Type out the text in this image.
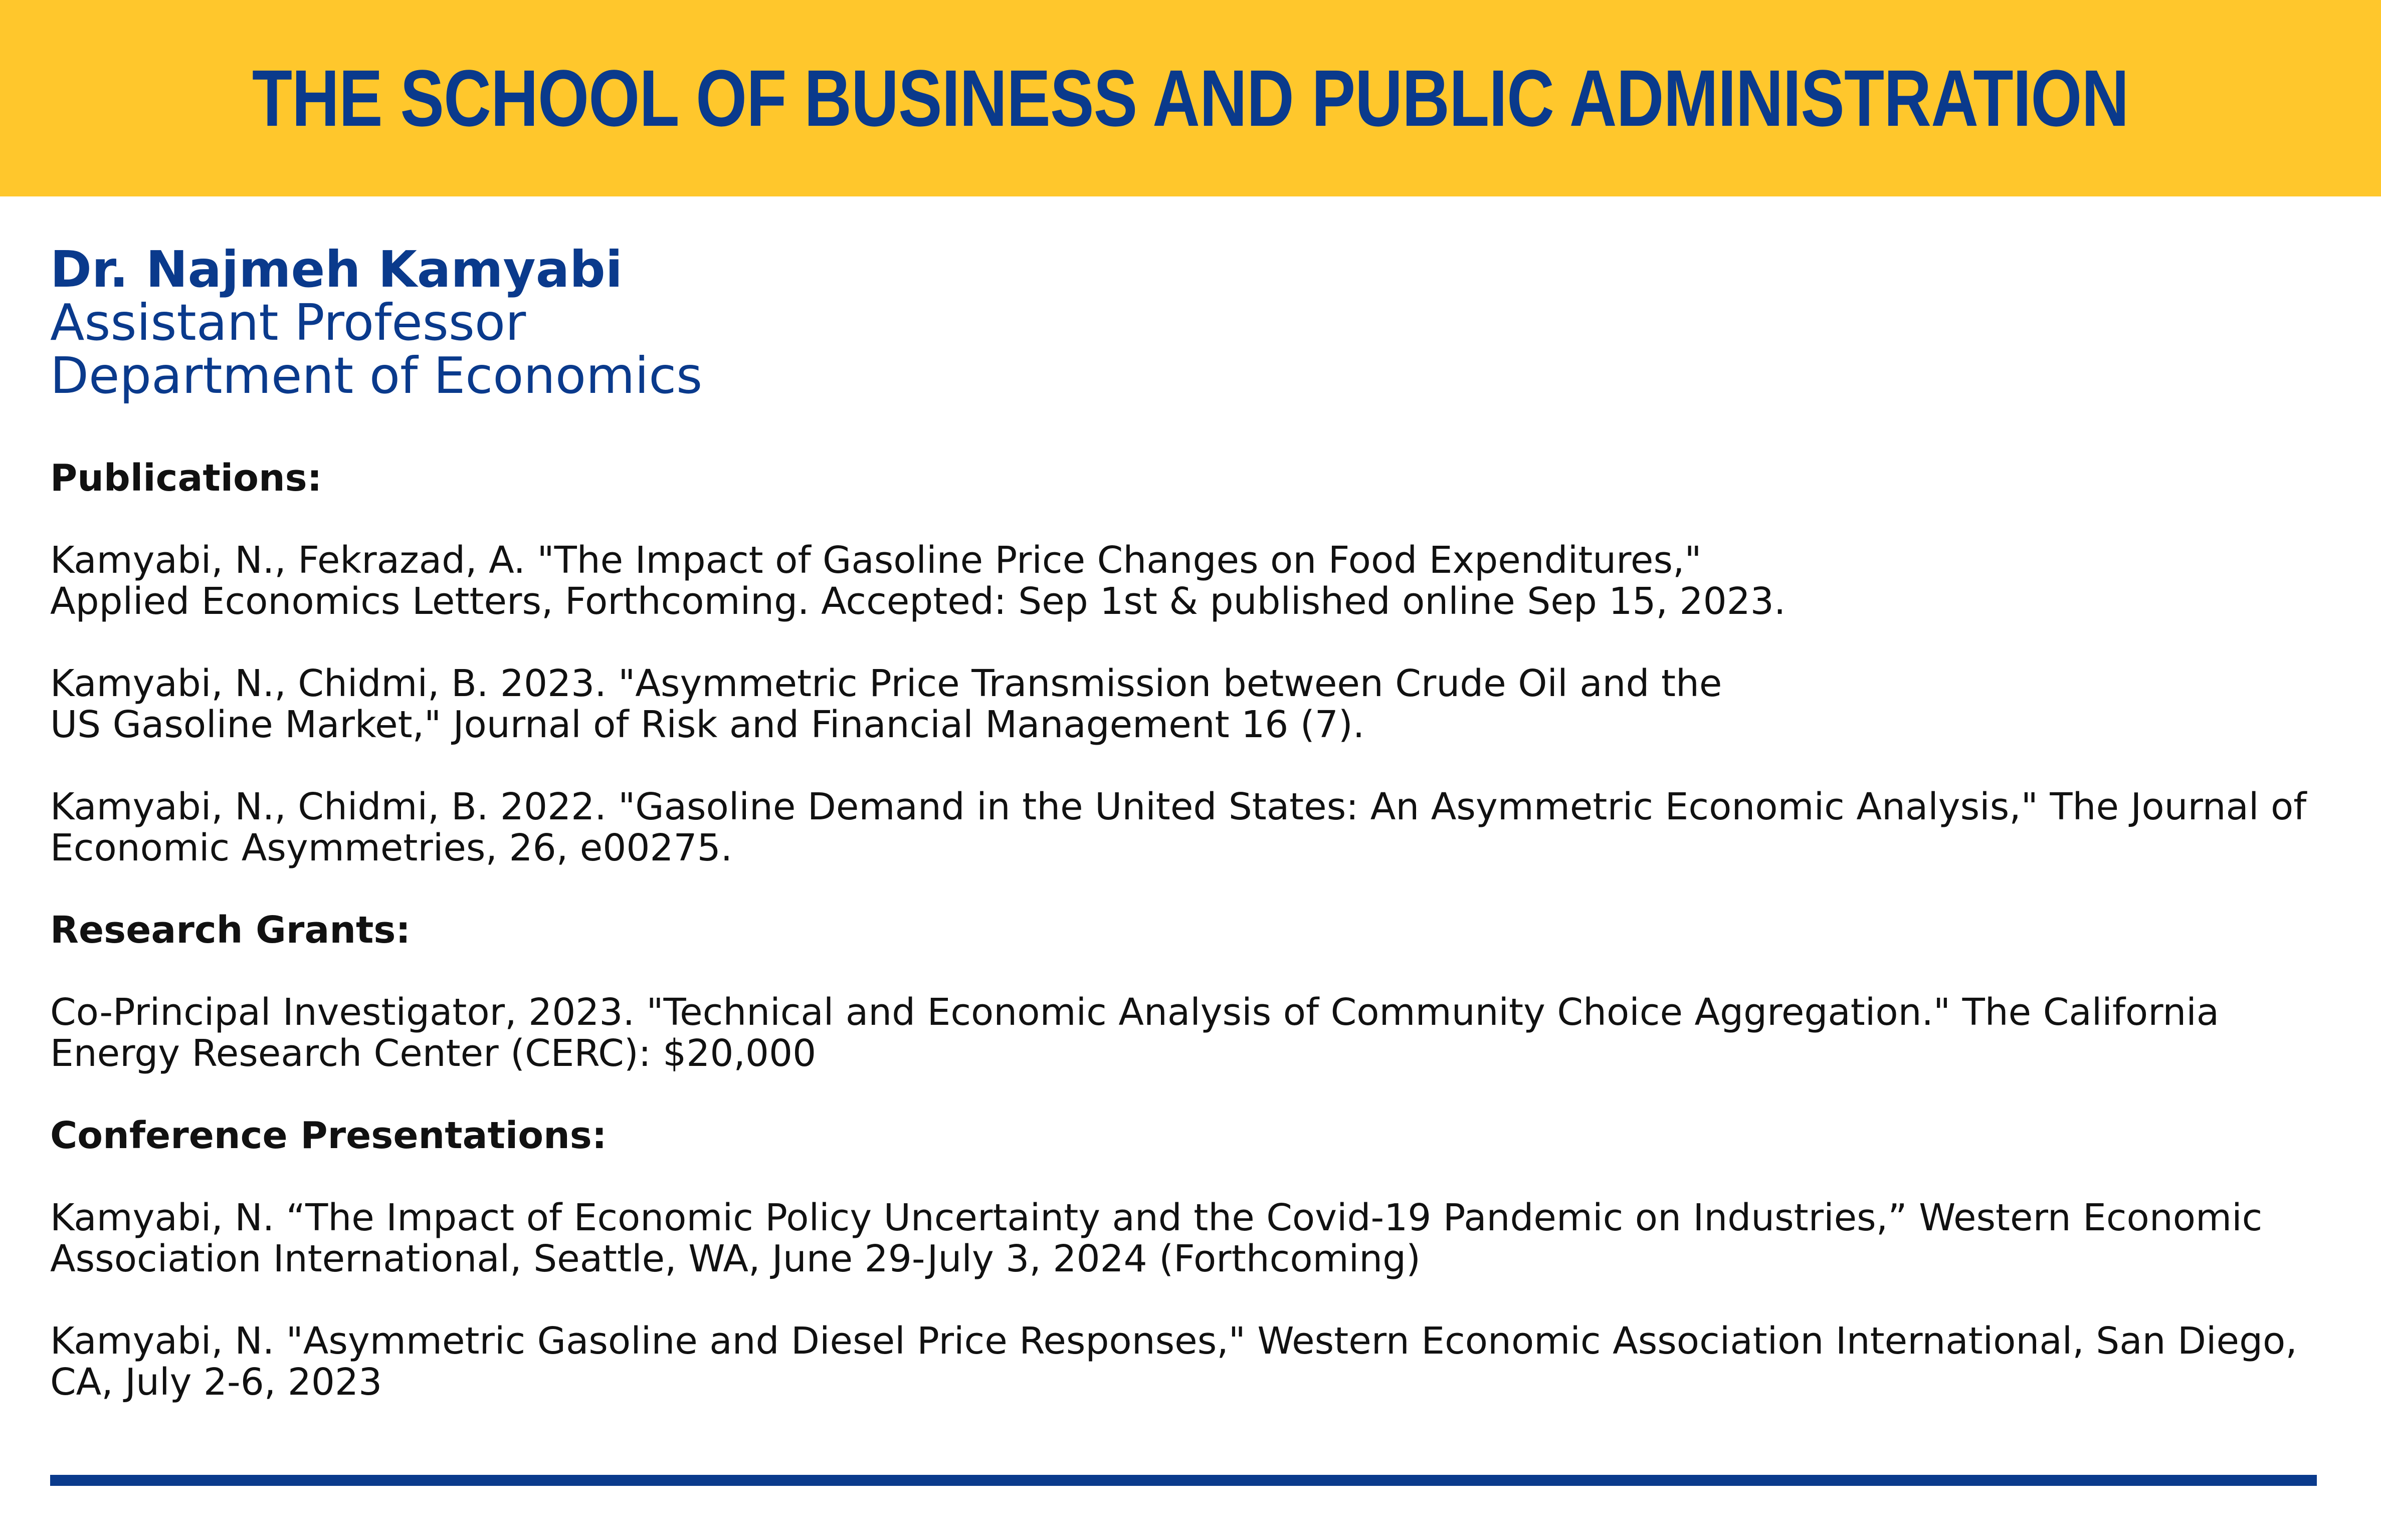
THE SCHOOL OF BUSINESS AND PUBLIC ADMINISTRATION
Dr. Najmeh Kamyabi
Assistant Professor
Department of Economics
Publications:
Kamyabi, N., Fekrazad, A. "The Impact of Gasoline Price Changes on Food Expenditures,"
Applied Economics Letters, Forthcoming. Accepted: Sep 1st & published online Sep 15, 2023.
Kamyabi, N., Chidmi, B. 2023. "Asymmetric Price Transmission between Crude Oil and the
US Gasoline Market," Journal of Risk and Financial Management 16 (7).
Kamyabi, N., Chidmi, B. 2022. "Gasoline Demand in the United States: An Asymmetric Economic Analysis," The Journal of
Economic Asymmetries, 26, e00275.
Research Grants:
Co-Principal Investigator, 2023. "Technical and Economic Analysis of Community Choice Aggregation." The California
Energy Research Center (CERC): $20,000
Conference Presentations:
Kamyabi, N. “The Impact of Economic Policy Uncertainty and the Covid-19 Pandemic on Industries,” Western Economic
Association International, Seattle, WA, June 29-July 3, 2024 (Forthcoming)
Kamyabi, N. "Asymmetric Gasoline and Diesel Price Responses," Western Economic Association International, San Diego,
CA, July 2-6, 2023
